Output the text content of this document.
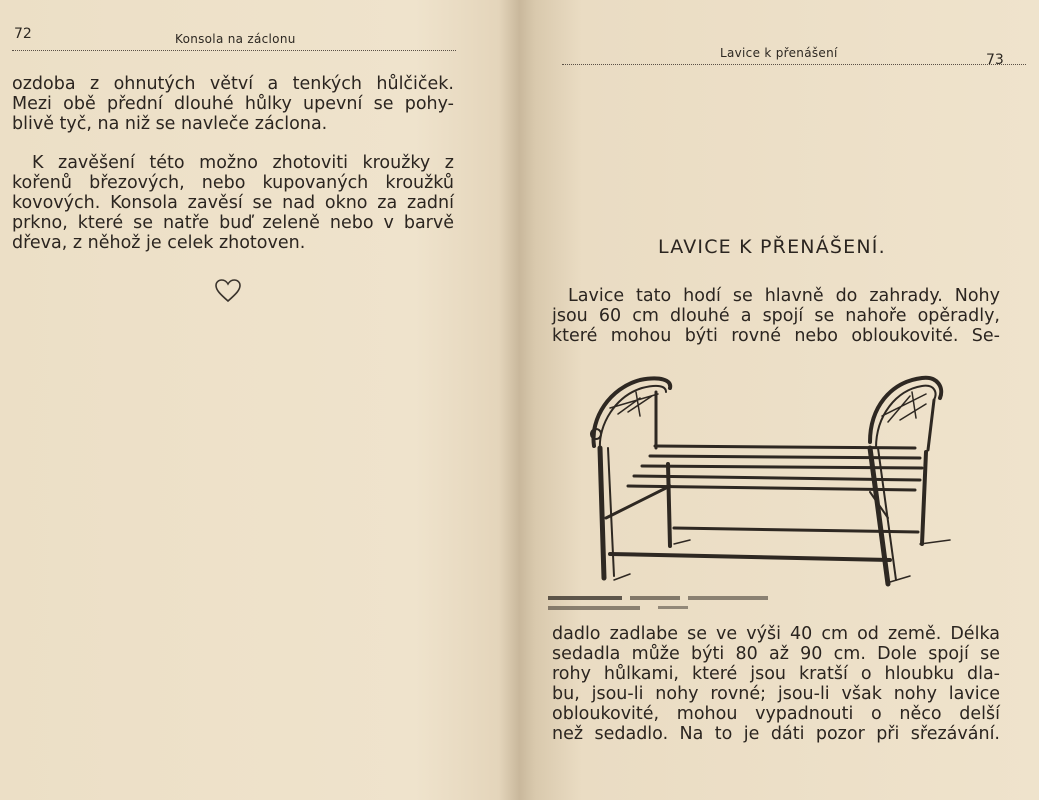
72	Konsola na záclonu
ozdoba z ohnutých větví a tenkých hůlčiček.
Mezi obě přední dlouhé hůlky upevní se pohy-
blivě tyč, na niž se navleče záclona.
K zavěšení této možno zhotoviti kroužky z
kořenů březových, nebo kupovaných kroužků
kovových. Konsola zavěsí se nad okno za zadní
prkno, které se natře buď zeleně nebo v barvě
dřeva, z něhož je celek zhotoven.
Lavice k přenášení	73
LAVICE K PŘENÁŠENÍ.
Lavice tato hodí se hlavně do zahrady. Nohy
jsou 60 cm dlouhé a spojí se nahoře opěradly,
které mohou býti rovné nebo obloukovité. Se-
dadlo zadlabe se ve výši 40 cm od země. Délka
sedadla může býti 80 až 90 cm. Dole spojí se
rohy hůlkami, které jsou kratší o hloubku dla-
bu, jsou-li nohy rovné; jsou-li však nohy lavice
obloukovité, mohou vypadnouti o něco delší
než sedadlo. Na to je dáti pozor při sřezávání.
